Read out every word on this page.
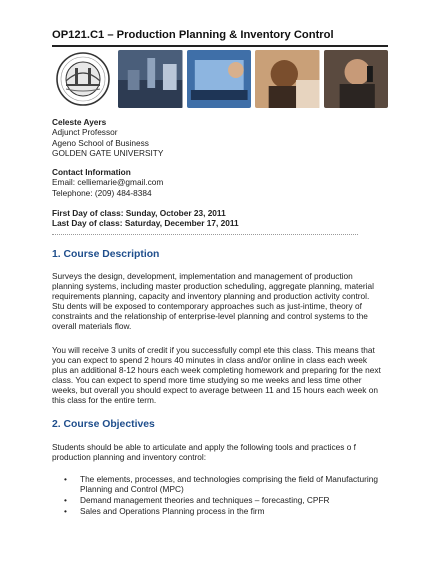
OP121.C1 – Production Planning & Inventory Control
Celeste Ayers
Adjunct Professor
Ageno School of Business
GOLDEN GATE UNIVERSITY
Contact Information
Email: celliemarie@gmail.com
Telephone: (209) 484-8384
First Day of class: Sunday, October 23, 2011
Last Day of class: Saturday, December 17, 2011
1. Course Description
Surveys the design, development, implementation and management of production planning systems, including master production scheduling, aggregate planning, material requirements planning, capacity and inventory planning and production activity control. Stu dents will be exposed to contemporary approaches such as just-intime, theory of constraints and the relationship of enterprise-level planning and control systems to the overall materials flow.
You will receive 3 units of credit if you successfully compl ete this class. This means that you can expect to spend 2 hours 40 minutes in class and/or online in class each week plus an additional 8-12 hours each week completing homework and preparing for the next class. You can expect to spend more time studying so me weeks and less time other weeks, but overall you should expect to average between 11 and 15 hours each week on this class for the entire term.
2. Course Objectives
Students should be able to articulate and apply the following tools and practices o f production planning and inventory control:
• The elements, processes, and technologies comprising the field of Manufacturing Planning and Control (MPC)
• Demand management theories and techniques – forecasting, CPFR
• Sales and Operations Planning process in the firm
